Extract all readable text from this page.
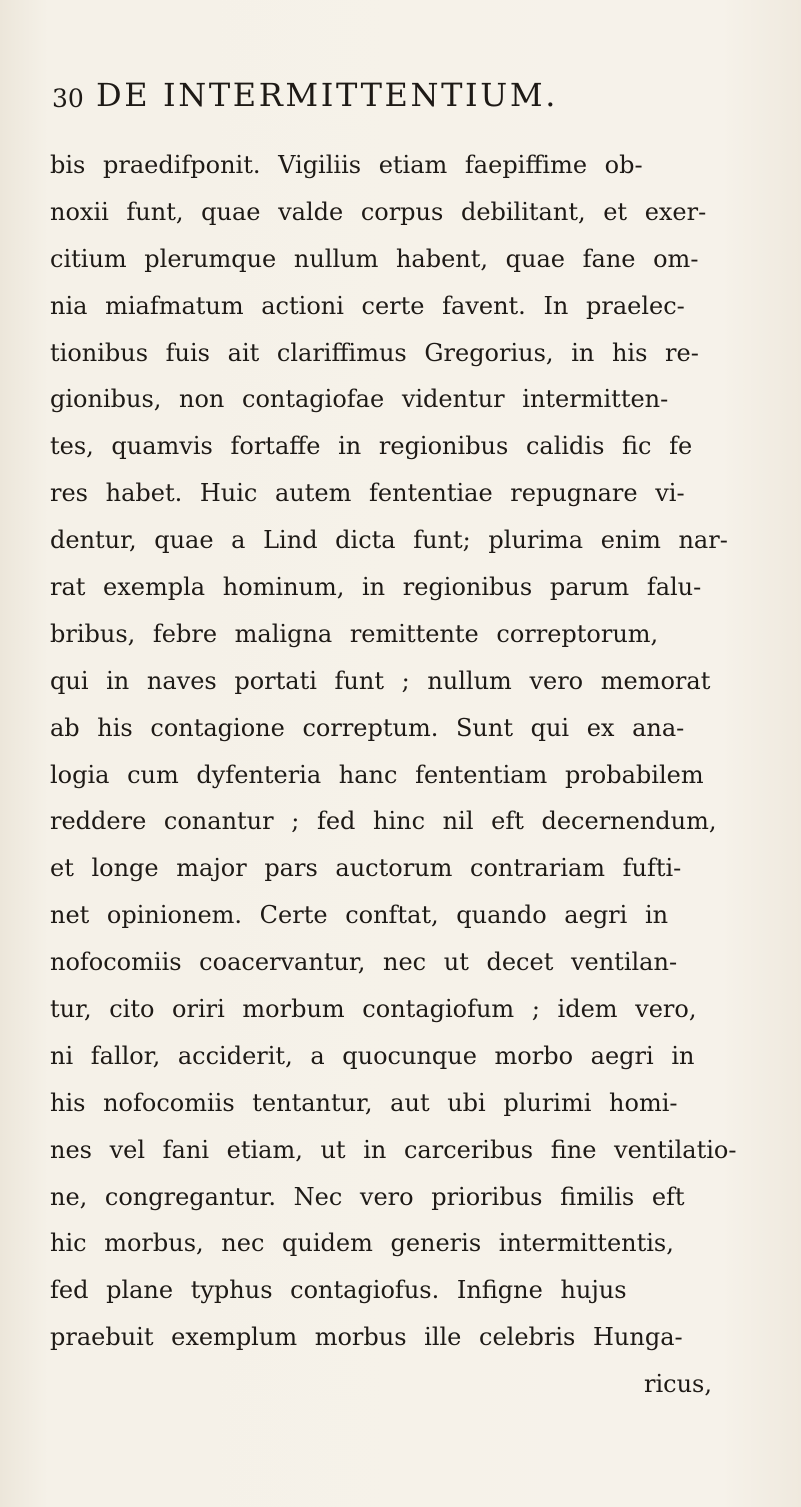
30 DE INTERMITTENTIUM.
bis praedifponit. Vigiliis etiam faepiffime ob-
noxii funt, quae valde corpus debilitant, et exer-
citium plerumque nullum habent, quae fane om-
nia miafmatum actioni certe favent. In praelec-
tionibus fuis ait clariffimus Gregorius, in his re-
gionibus, non contagiofae videntur intermitten-
tes, quamvis fortaffe in regionibus calidis fic fe
res habet. Huic autem fententiae repugnare vi-
dentur, quae a Lind dicta funt; plurima enim nar-
rat exempla hominum, in regionibus parum falu-
bribus, febre maligna remittente correptorum,
qui in naves portati funt ; nullum vero memorat
ab his contagione correptum. Sunt qui ex ana-
logia cum dyfenteria hanc fententiam probabilem
reddere conantur ; fed hinc nil eft decernendum,
et longe major pars auctorum contrariam fufti-
net opinionem. Certe conftat, quando aegri in
nofocomiis coacervantur, nec ut decet ventilan-
tur, cito oriri morbum contagiofum ; idem vero,
ni fallor, acciderit, a quocunque morbo aegri in
his nofocomiis tentantur, aut ubi plurimi homi-
nes vel fani etiam, ut in carceribus fine ventilatio-
ne, congregantur. Nec vero prioribus fimilis eft
hic morbus, nec quidem generis intermittentis,
fed plane typhus contagiofus. Infigne hujus
praebuit exemplum morbus ille celebris Hunga-
ricus,
